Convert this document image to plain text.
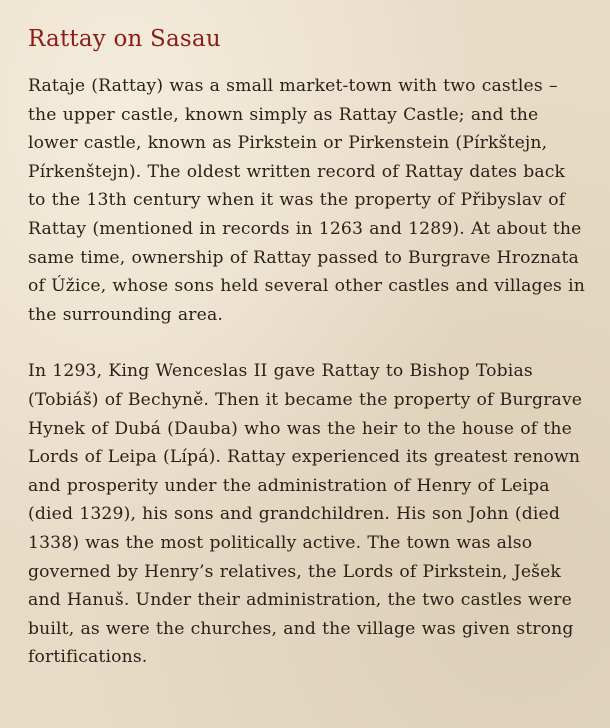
Rattay on Sasau

Rataje (Rattay) was a small market-town with two castles – the upper castle, known simply as Rattay Castle; and the lower castle, known as Pirkstein or Pirkenstein (Pírkštejn, Pírkenštejn). The oldest written record of Rattay dates back to the 13th century when it was the property of Přibyslav of Rattay (mentioned in records in 1263 and 1289). At about the same time, ownership of Rattay passed to Burgrave Hroznata of Úžice, whose sons held several other castles and villages in the surrounding area.

In 1293, King Wenceslas II gave Rattay to Bishop Tobias (Tobiáš) of Bechyně. Then it became the property of Burgrave Hynek of Dubá (Dauba) who was the heir to the house of the Lords of Leipa (Lípá). Rattay experienced its greatest renown and prosperity under the administration of Henry of Leipa (died 1329), his sons and grandchildren. His son John (died 1338) was the most politically active. The town was also governed by Henry’s relatives, the Lords of Pirkstein, Ješek and Hanuš. Under their administration, the two castles were built, as were the churches, and the village was given strong fortifications.
